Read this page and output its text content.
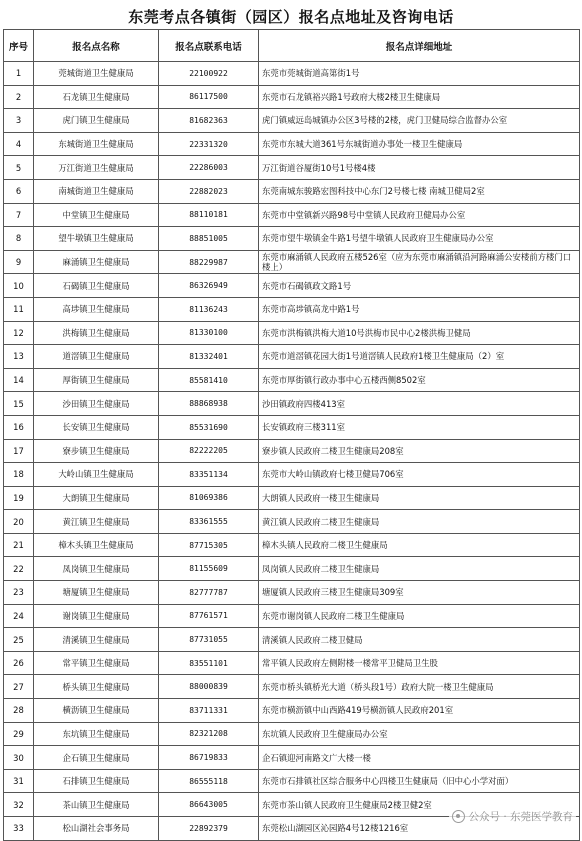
东莞考点各镇街（园区）报名点地址及咨询电话
序号	报名点名称	报名点联系电话	报名点详细地址
1	莞城街道卫生健康局	22100922	东莞市莞城街道高第街1号
2	石龙镇卫生健康局	86117500	东莞市石龙镇裕兴路1号政府大楼2楼卫生健康局
3	虎门镇卫生健康局	81682363	虎门镇威远岛城镇办公区3号楼的2楼，虎门卫健局综合监督办公室
4	东城街道卫生健康局	22331320	东莞市东城大道361号东城街道办事处一楼卫生健康局
5	万江街道卫生健康局	22286003	万江街道谷厦街10号1号楼4楼
6	南城街道卫生健康局	22882023	东莞南城东骏路宏图科技中心东门2号楼七楼 南城卫健局2室
7	中堂镇卫生健康局	88110181	东莞市中堂镇新兴路98号中堂镇人民政府卫健局办公室
8	望牛墩镇卫生健康局	88851005	东莞市望牛墩镇金牛路1号望牛墩镇人民政府卫生健康局办公室
9	麻涌镇卫生健康局	88229987	东莞市麻涌镇人民政府五楼526室（应为东莞市麻涌镇沿河路麻涌公安楼前方楼门口楼上）
10	石碣镇卫生健康局	86326949	东莞市石碣镇政文路1号
11	高埗镇卫生健康局	81136243	东莞市高埗镇高龙中路1号
12	洪梅镇卫生健康局	81330100	东莞市洪梅镇洪梅大道10号洪梅市民中心2楼洪梅卫健局
13	道滘镇卫生健康局	81332401	东莞市道滘镇花园大街1号道滘镇人民政府1楼卫生健康局（2）室
14	厚街镇卫生健康局	85581410	东莞市厚街镇行政办事中心五楼西侧8502室
15	沙田镇卫生健康局	88868938	沙田镇政府四楼413室
16	长安镇卫生健康局	85531690	长安镇政府三楼311室
17	寮步镇卫生健康局	82222205	寮步镇人民政府二楼卫生健康局208室
18	大岭山镇卫生健康局	83351134	东莞市大岭山镇政府七楼卫健局706室
19	大朗镇卫生健康局	81069386	大朗镇人民政府一楼卫生健康局
20	黄江镇卫生健康局	83361555	黄江镇人民政府二楼卫生健康局
21	樟木头镇卫生健康局	87715305	樟木头镇人民政府二楼卫生健康局
22	凤岗镇卫生健康局	81155609	凤岗镇人民政府二楼卫生健康局
23	塘厦镇卫生健康局	82777787	塘厦镇人民政府三楼卫生健康局309室
24	谢岗镇卫生健康局	87761571	东莞市谢岗镇人民政府二楼卫生健康局
25	清溪镇卫生健康局	87731055	清溪镇人民政府二楼卫健局
26	常平镇卫生健康局	83551101	常平镇人民政府左侧附楼一楼常平卫健局卫生股
27	桥头镇卫生健康局	88000839	东莞市桥头镇桥光大道（桥头段1号）政府大院一楼卫生健康局
28	横沥镇卫生健康局	83711331	东莞市横沥镇中山西路419号横沥镇人民政府201室
29	东坑镇卫生健康局	82321208	东坑镇人民政府卫生健康局办公室
30	企石镇卫生健康局	86719833	企石镇迎河南路文广大楼一楼
31	石排镇卫生健康局	86555118	东莞市石排镇社区综合服务中心四楼卫生健康局（旧中心小学对面）
32	茶山镇卫生健康局	86643005	东莞市茶山镇人民政府卫生健康局2楼卫健2室
33	松山湖社会事务局	22892379	东莞松山湖园区沁园路4号12楼1216室
公众号 · 东莞医学教育
